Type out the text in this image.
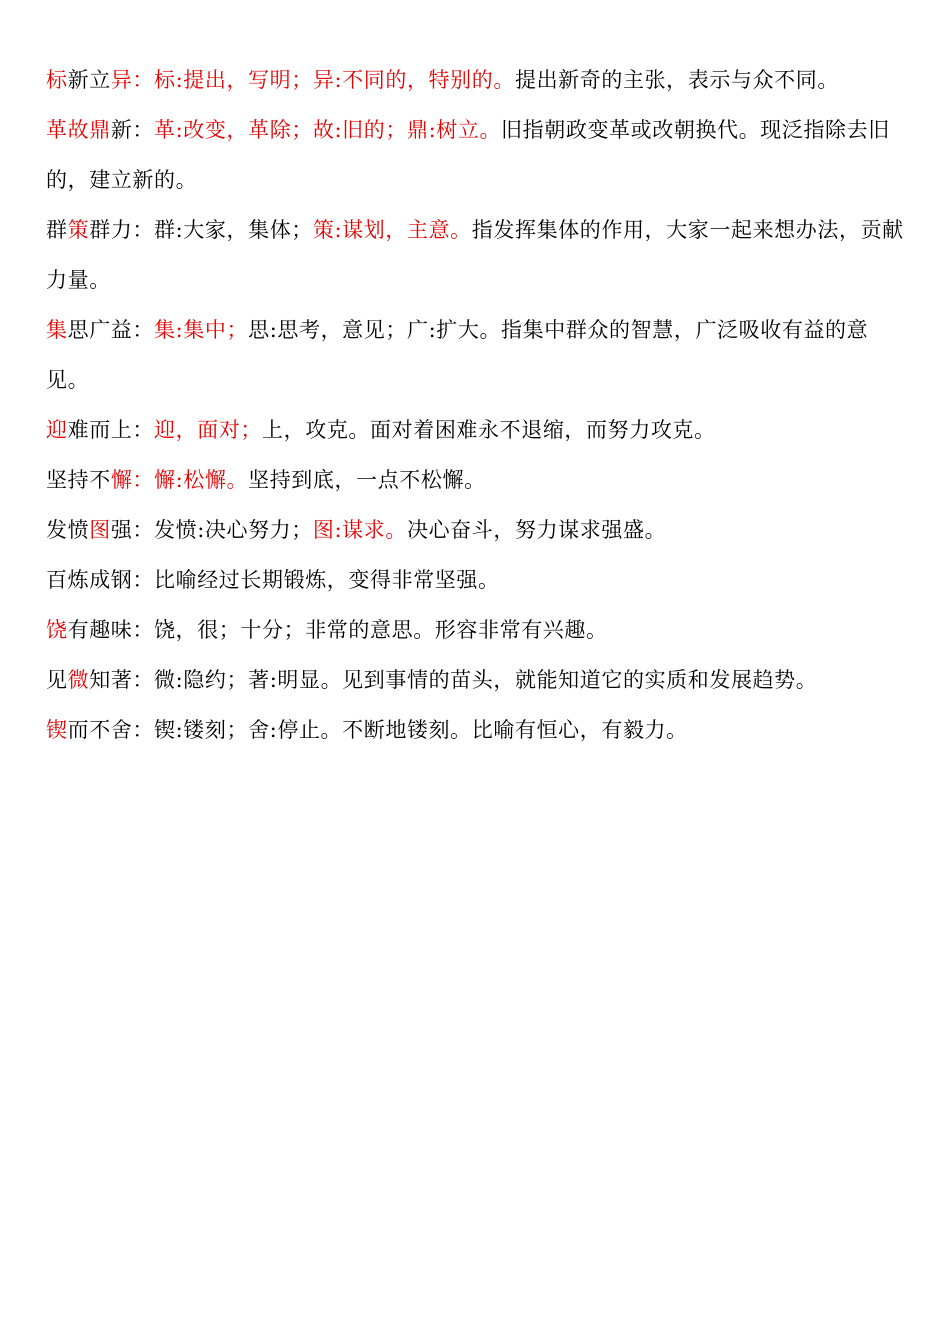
标新立异：标:提出，写明；异:不同的，特别的。提出新奇的主张，表示与众不同。

革故鼎新：革:改变，革除；故:旧的；鼎:树立。旧指朝政变革或改朝换代。现泛指除去旧的，建立新的。

群策群力：群:大家，集体；策:谋划，主意。指发挥集体的作用，大家一起来想办法，贡献力量。

集思广益：集:集中；思:思考，意见；广:扩大。指集中群众的智慧，广泛吸收有益的意见。

迎难而上：迎，面对；上，攻克。面对着困难永不退缩，而努力攻克。

坚持不懈：懈:松懈。坚持到底，一点不松懈。

发愤图强：发愤:决心努力；图:谋求。决心奋斗，努力谋求强盛。

百炼成钢：比喻经过长期锻炼，变得非常坚强。

饶有趣味：饶，很；十分；非常的意思。形容非常有兴趣。

见微知著：微:隐约；著:明显。见到事情的苗头，就能知道它的实质和发展趋势。

锲而不舍：锲:镂刻；舍:停止。不断地镂刻。比喻有恒心，有毅力。
